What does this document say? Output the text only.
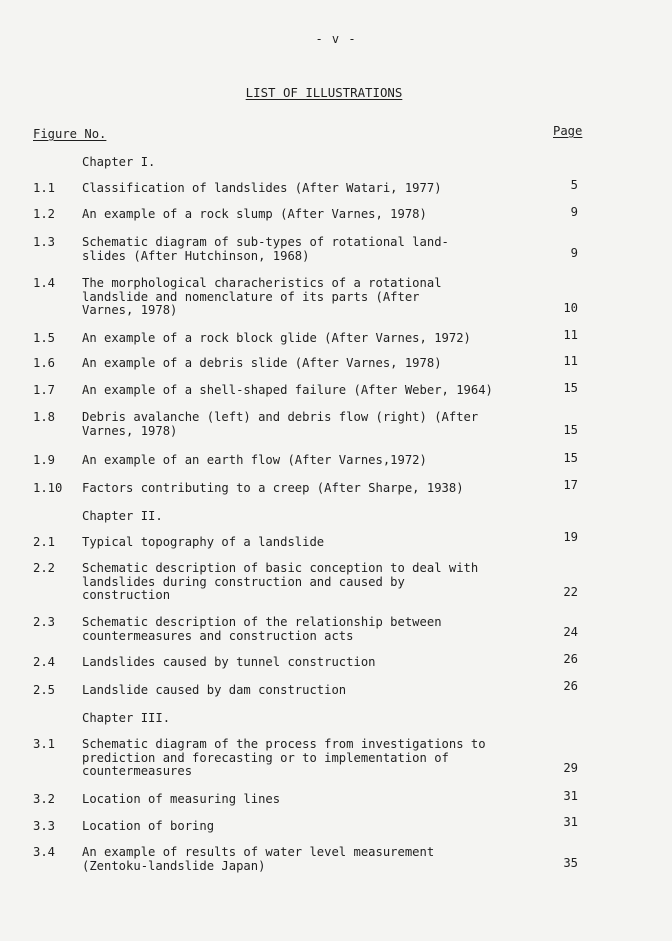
- v -
LIST OF ILLUSTRATIONS
Figure No.	Page
Chapter I.
1.1 Classification of landslides (After Watari, 1977)	5
1.2 An example of a rock slump (After Varnes, 1978)	9
1.3 Schematic diagram of sub-types of rotational land-
slides (After Hutchinson, 1968)	9
1.4 The morphological characheristics of a rotational
landslide and nomenclature of its parts (After
Varnes, 1978)	10
1.5 An example of a rock block glide (After Varnes, 1972)	11
1.6 An example of a debris slide (After Varnes, 1978)	11
1.7 An example of a shell-shaped failure (After Weber, 1964)	15
1.8 Debris avalanche (left) and debris flow (right) (After
Varnes, 1978)	15
1.9 An example of an earth flow (After Varnes,1972)	15
1.10 Factors contributing to a creep (After Sharpe, 1938)	17
Chapter II.
2.1 Typical topography of a landslide	19
2.2 Schematic description of basic conception to deal with
landslides during construction and caused by
construction	22
2.3 Schematic description of the relationship between
countermeasures and construction acts	24
2.4 Landslides caused by tunnel construction	26
2.5 Landslide caused by dam construction	26
Chapter III.
3.1 Schematic diagram of the process from investigations to
prediction and forecasting or to implementation of
countermeasures	29
3.2 Location of measuring lines	31
3.3 Location of boring	31
3.4 An example of results of water level measurement
(Zentoku-landslide Japan)	35
